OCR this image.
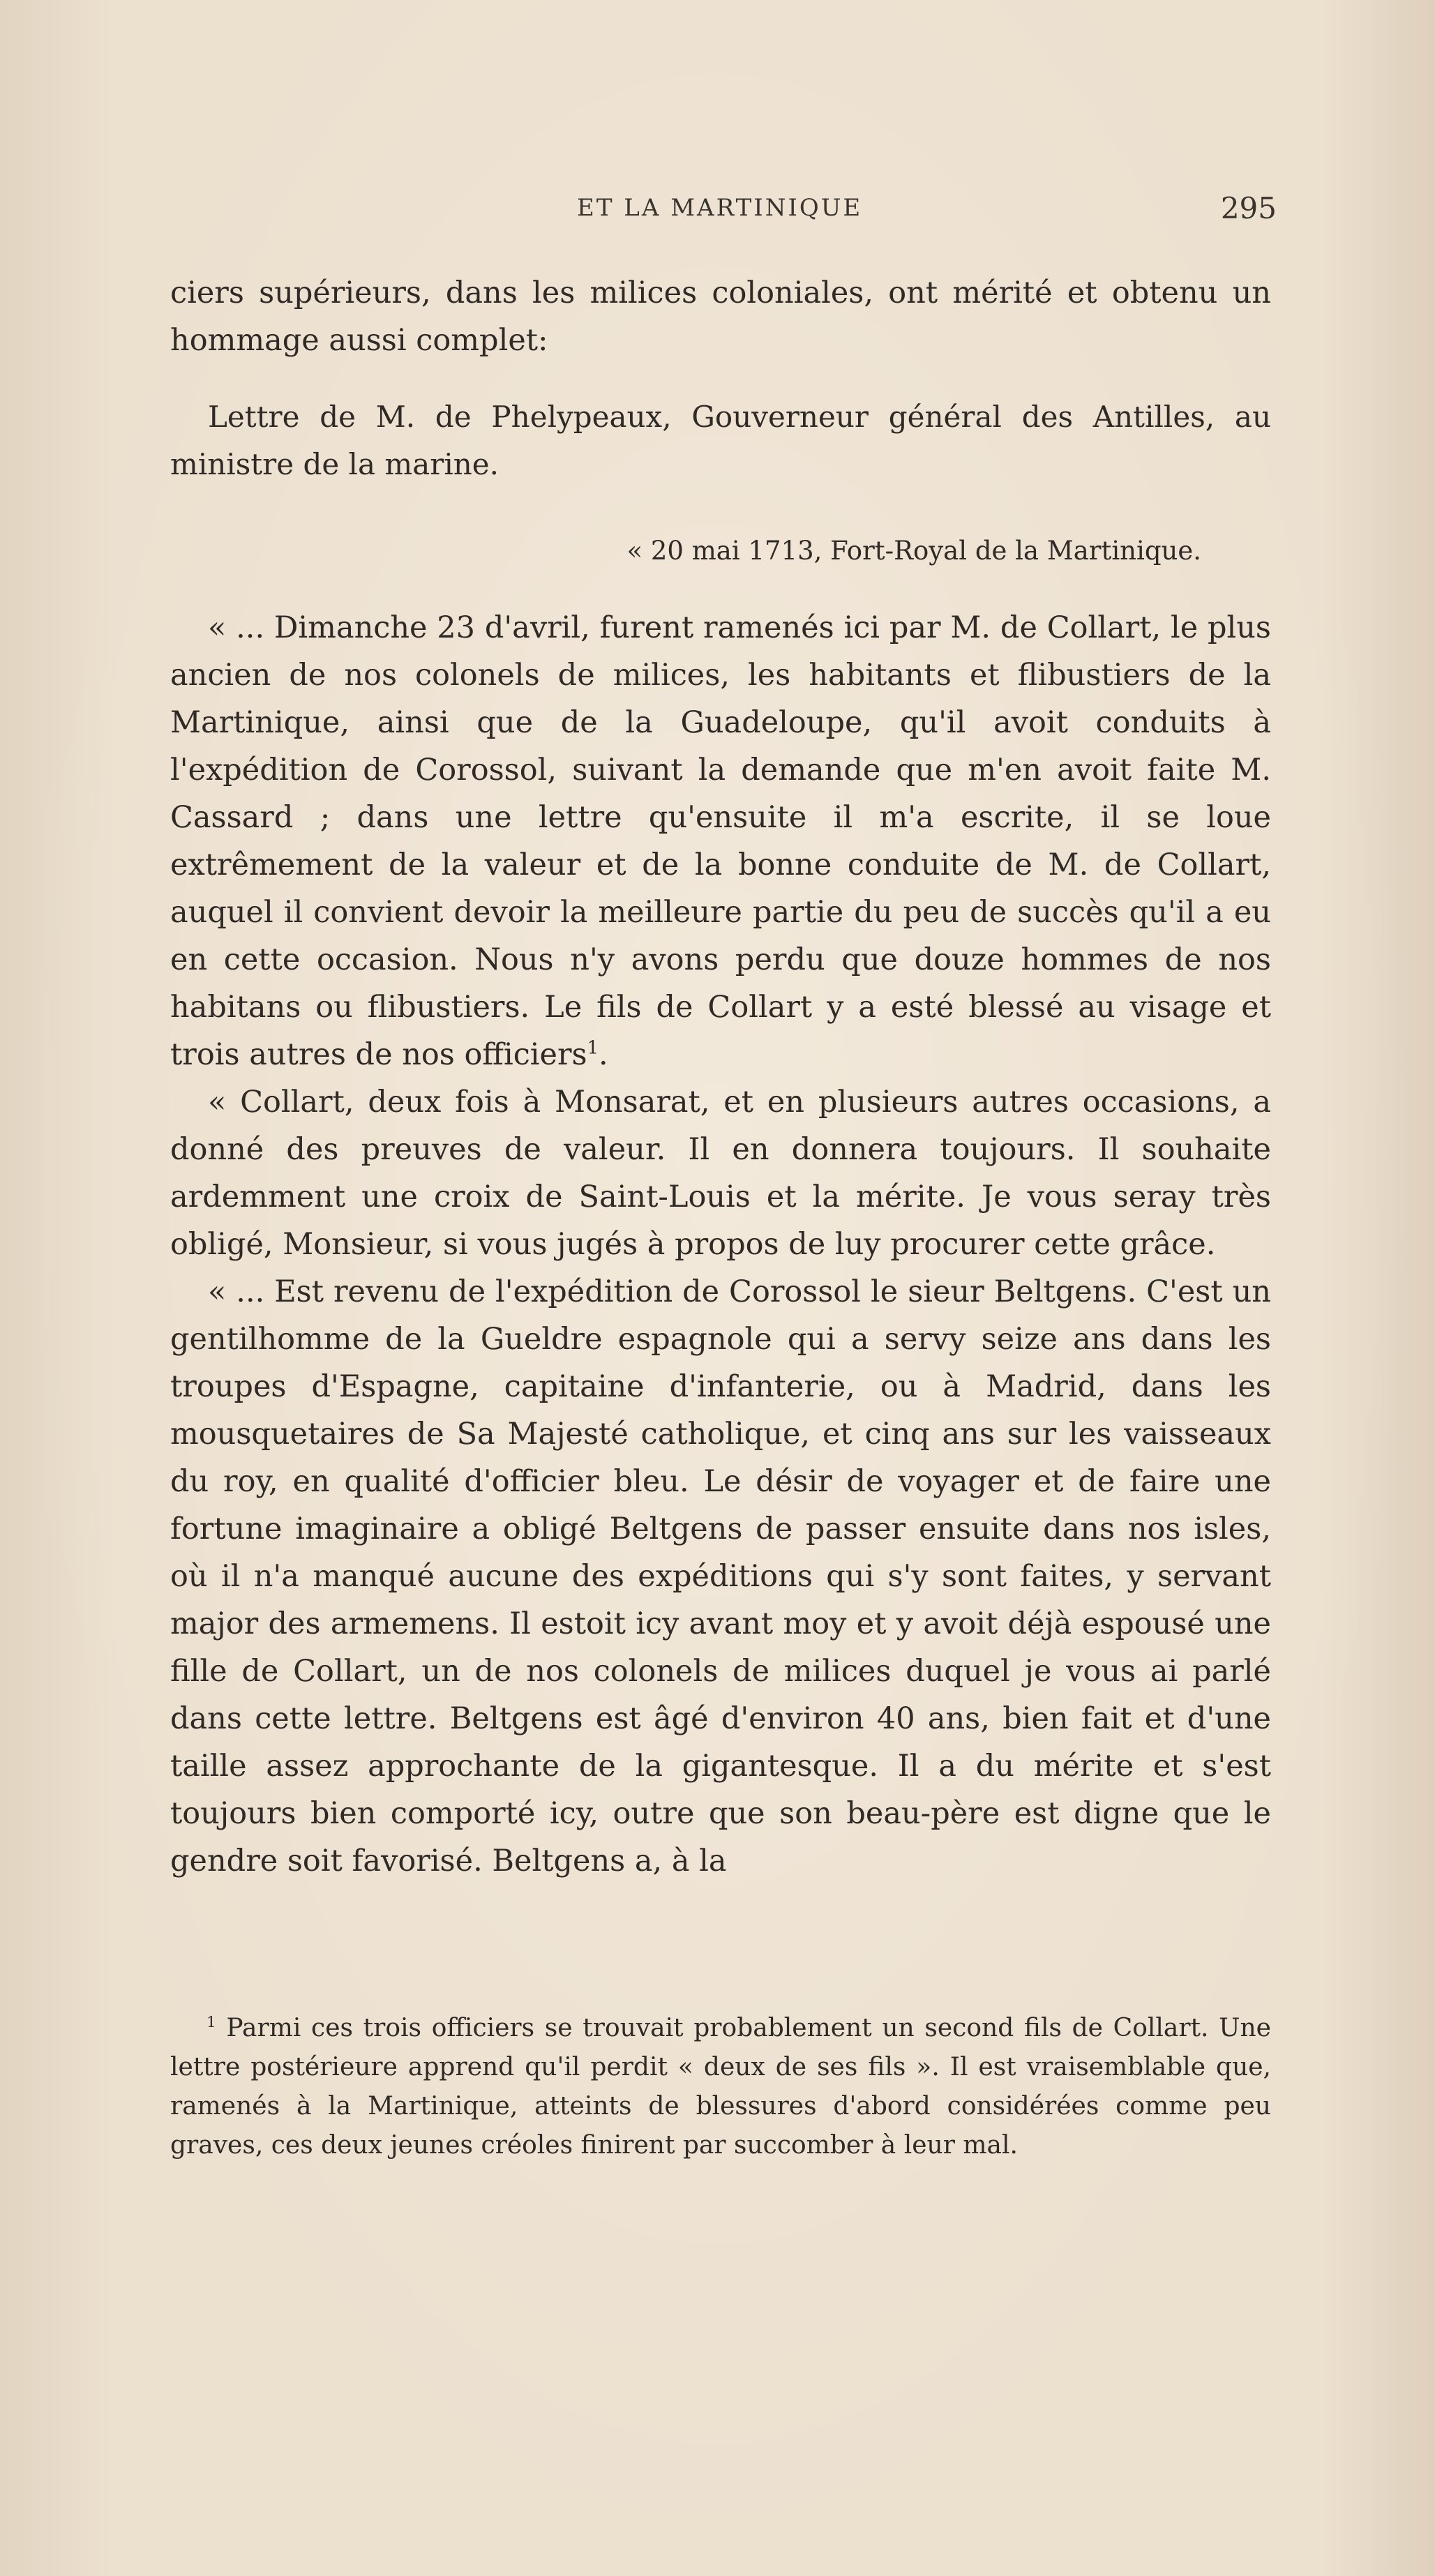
ET LA MARTINIQUE	295

ciers supérieurs, dans les milices coloniales, ont mérité et obtenu un hommage aussi complet:

Lettre de M. de Phelypeaux, Gouverneur général des Antilles, au ministre de la marine.

« 20 mai 1713, Fort-Royal de la Martinique.

« ... Dimanche 23 d'avril, furent ramenés ici par M. de Collart, le plus ancien de nos colonels de milices, les habitants et flibustiers de la Martinique, ainsi que de la Guadeloupe, qu'il avoit conduits à l'expédition de Corossol, suivant la demande que m'en avoit faite M. Cassard ; dans une lettre qu'ensuite il m'a escrite, il se loue extrêmement de la valeur et de la bonne conduite de M. de Collart, auquel il convient devoir la meilleure partie du peu de succès qu'il a eu en cette occasion. Nous n'y avons perdu que douze hommes de nos habitans ou flibustiers. Le fils de Collart y a esté blessé au visage et trois autres de nos officiers$^1$.

« Collart, deux fois à Monsarat, et en plusieurs autres occasions, a donné des preuves de valeur. Il en donnera toujours. Il souhaite ardemment une croix de Saint-Louis et la mérite. Je vous seray très obligé, Monsieur, si vous jugés à propos de luy procurer cette grâce.

« ... Est revenu de l'expédition de Corossol le sieur Beltgens. C'est un gentilhomme de la Gueldre espagnole qui a servy seize ans dans les troupes d'Espagne, capitaine d'infanterie, ou à Madrid, dans les mousquetaires de Sa Majesté catholique, et cinq ans sur les vaisseaux du roy, en qualité d'officier bleu. Le désir de voyager et de faire une fortune imaginaire a obligé Beltgens de passer ensuite dans nos isles, où il n'a manqué aucune des expéditions qui s'y sont faites, y servant major des armemens. Il estoit icy avant moy et y avoit déjà espousé une fille de Collart, un de nos colonels de milices duquel je vous ai parlé dans cette lettre. Beltgens est âgé d'environ 40 ans, bien fait et d'une taille assez approchante de la gigantesque. Il a du mérite et s'est toujours bien comporté icy, outre que son beau-père est digne que le gendre soit favorisé. Beltgens a, à la

$^1$ Parmi ces trois officiers se trouvait probablement un second fils de Collart. Une lettre postérieure apprend qu'il perdit « deux de ses fils ». Il est vraisemblable que, ramenés à la Martinique, atteints de blessures d'abord considérées comme peu graves, ces deux jeunes créoles finirent par succomber à leur mal.
